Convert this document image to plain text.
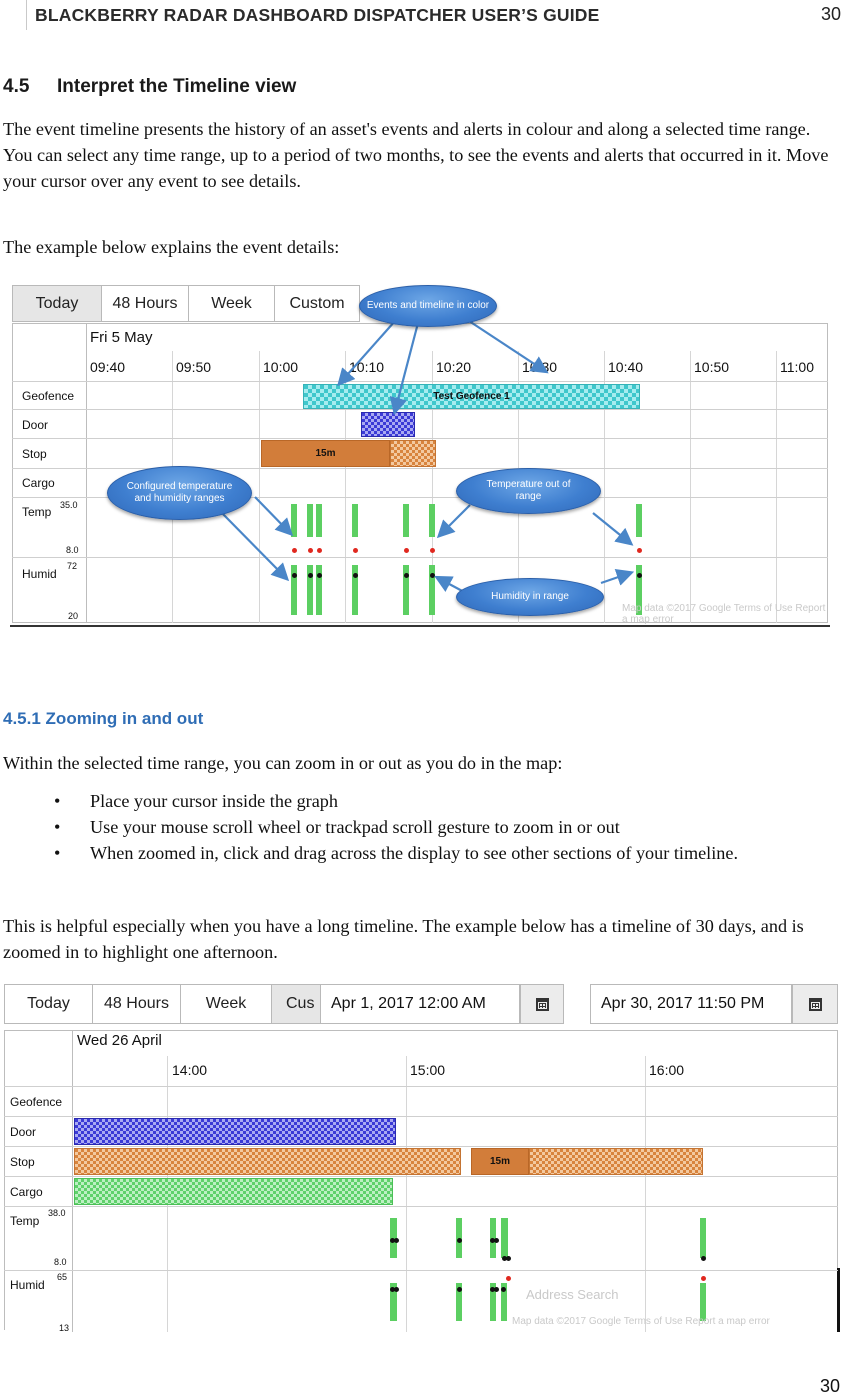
BLACKBERRY RADAR DASHBOARD DISPATCHER USER’S GUIDE	30
4.5 Interpret the Timeline view

The event timeline presents the history of an asset's events and alerts in colour and along a selected time range. You can select any time range, up to a period of two months, to see the events and alerts that occurred in it. Move your cursor over any event to see details.

The example below explains the event details:

Today	48 Hours	Week	Custom
Fri 5 May
09:40	09:50	10:00	10:10	10:20	10:30	10:40	10:50	11:00
Geofence
Door
Stop
Cargo
Temp 35.0
8.0
Humid
72
20
Test Geofence 1
15m
Map data ©2017 Google Terms of Use Report a map error
Events and timeline in color
Configured temperature and humidity ranges
Temperature out of range
Humidity in range
4.5.1 Zooming in and out

Within the selected time range, you can zoom in or out as you do in the map:

• Place your cursor inside the graph
• Use your mouse scroll wheel or trackpad scroll gesture to zoom in or out
• When zoomed in, click and drag across the display to see other sections of your timeline.

This is helpful especially when you have a long timeline. The example below has a timeline of 30 days, and is zoomed in to highlight one afternoon.

Today	48 Hours	Week	Cus	Apr 1, 2017 12:00 AM	Apr 30, 2017 11:50 PM
Wed 26 April
14:00	15:00	16:00
Geofence
Door
Stop
Cargo
Temp
38.0
8.0
Humid
65
13
15m
Address Search
Map data ©2017 Google Terms of Use Report a map error
30
